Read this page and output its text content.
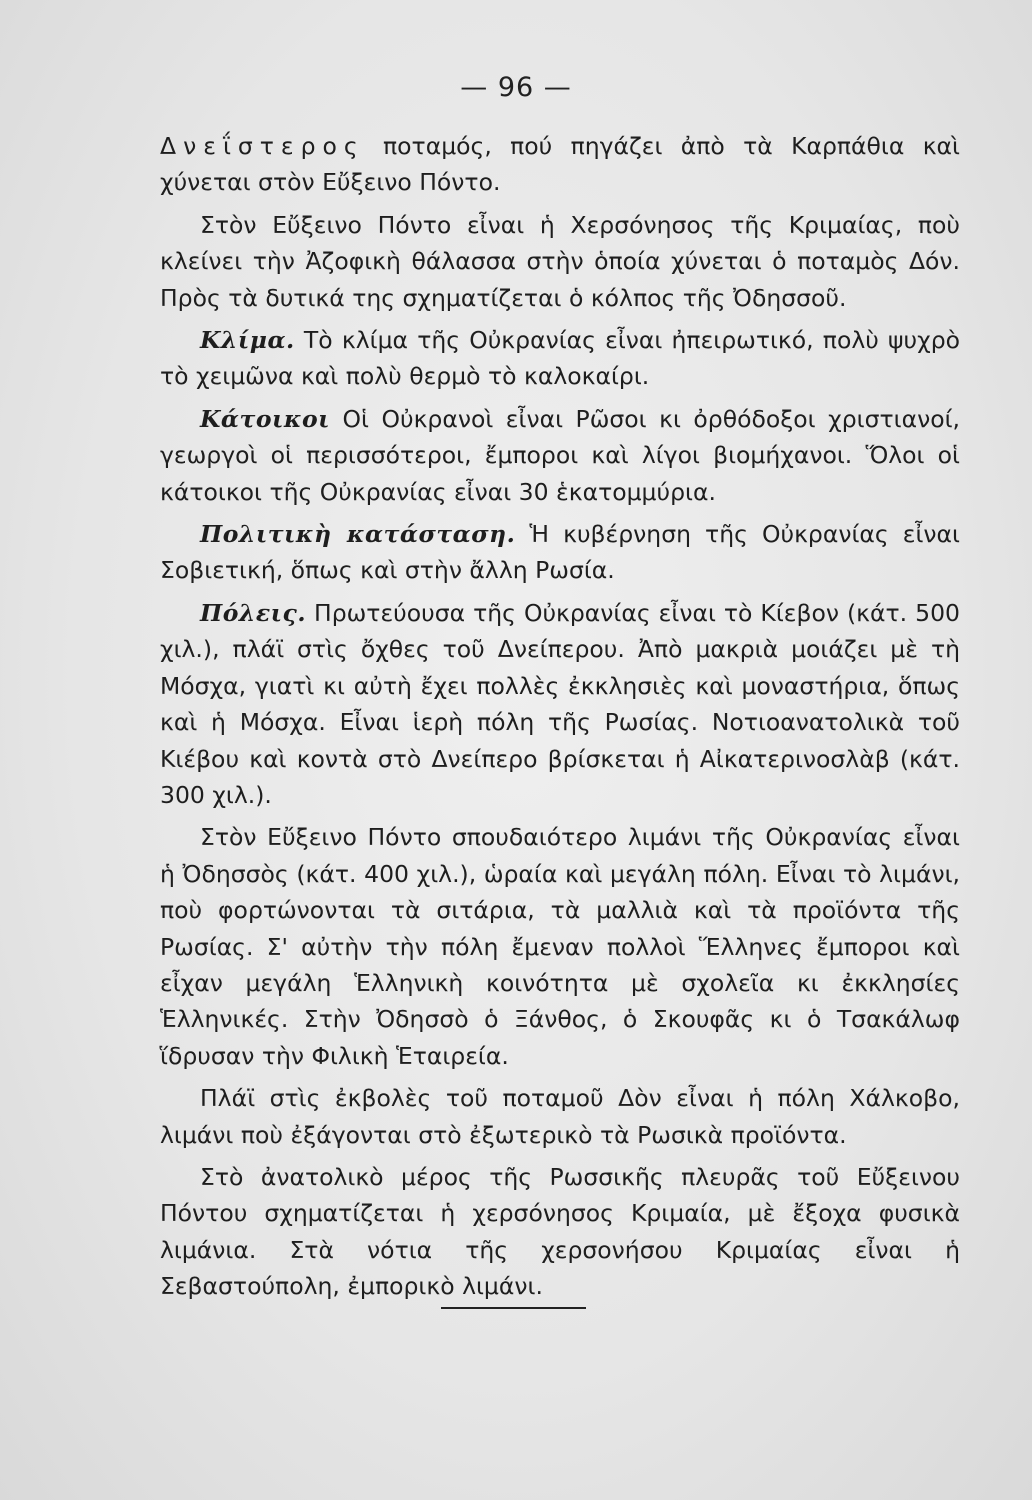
— 96 —

Δνεΐστερος ποταμός, πού πηγάζει ἀπὸ τὰ Καρπάθια καὶ χύνεται στὸν Εὔξεινο Πόντο.

Στὸν Εὔξεινο Πόντο εἶναι ἡ Χερσόνησος τῆς Κριμαίας, ποὺ κλείνει τὴν Ἀζοφικὴ θάλασσα στὴν ὁποία χύνεται ὁ ποταμὸς Δόν. Πρὸς τὰ δυτικά της σχηματίζεται ὁ κόλπος τῆς Ὀδησσοῦ.

Κλίμα. Τὸ κλίμα τῆς Οὐκρανίας εἶναι ἠπειρωτικό, πολὺ ψυχρὸ τὸ χειμῶνα καὶ πολὺ θερμὸ τὸ καλοκαίρι.

Κάτοικοι Οἱ Οὐκρανοὶ εἶναι Ρῶσοι κι ὀρθόδοξοι χριστιανοί, γεωργοὶ οἱ περισσότεροι, ἔμποροι καὶ λίγοι βιομήχανοι. Ὅλοι οἱ κάτοικοι τῆς Οὐκρανίας εἶναι 30 ἑκατομμύρια.

Πολιτικὴ κατάσταση. Ἡ κυβέρνηση τῆς Οὐκρανίας εἶναι Σοβιετική, ὅπως καὶ στὴν ἄλλη Ρωσία.

Πόλεις. Πρωτεύουσα τῆς Οὐκρανίας εἶναι τὸ Κίεβον (κάτ. 500 χιλ.), πλάϊ στὶς ὄχθες τοῦ Δνείπερου. Ἀπὸ μακριὰ μοιάζει μὲ τὴ Μόσχα, γιατὶ κι αὐτὴ ἔχει πολλὲς ἐκκλησιὲς καὶ μοναστήρια, ὅπως καὶ ἡ Μόσχα. Εἶναι ἱερὴ πόλη τῆς Ρωσίας. Νοτιοανατολικὰ τοῦ Κιέβου καὶ κοντὰ στὸ Δνείπερο βρίσκεται ἡ Αἰκατερινοσλὰβ (κάτ. 300 χιλ.).

Στὸν Εὔξεινο Πόντο σπουδαιότερο λιμάνι τῆς Οὐκρανίας εἶναι ἡ Ὀδησσὸς (κάτ. 400 χιλ.), ὡραία καὶ μεγάλη πόλη. Εἶναι τὸ λιμάνι, ποὺ φορτώνονται τὰ σιτάρια, τὰ μαλλιὰ καὶ τὰ προϊόντα τῆς Ρωσίας. Σ' αὐτὴν τὴν πόλη ἔμεναν πολλοὶ Ἕλληνες ἔμποροι καὶ εἶχαν μεγάλη Ἑλληνικὴ κοινότητα μὲ σχολεῖα κι ἐκκλησίες Ἑλληνικές. Στὴν Ὀδησσὸ ὁ Ξάνθος, ὁ Σκουφᾶς κι ὁ Τσακάλωφ ἵδρυσαν τὴν Φιλικὴ Ἑταιρεία.

Πλάϊ στὶς ἐκβολὲς τοῦ ποταμοῦ Δὸν εἶναι ἡ πόλη Χάλκοβο, λιμάνι ποὺ ἐξάγονται στὸ ἐξωτερικὸ τὰ Ρωσικὰ προϊόντα.

Στὸ ἀνατολικὸ μέρος τῆς Ρωσσικῆς πλευρᾶς τοῦ Εὔξεινου Πόντου σχηματίζεται ἡ χερσόνησος Κριμαία, μὲ ἔξοχα φυσικὰ λιμάνια. Στὰ νότια τῆς χερσονήσου Κριμαίας εἶναι ἡ Σεβαστούπολη, ἐμπορικὸ λιμάνι.
